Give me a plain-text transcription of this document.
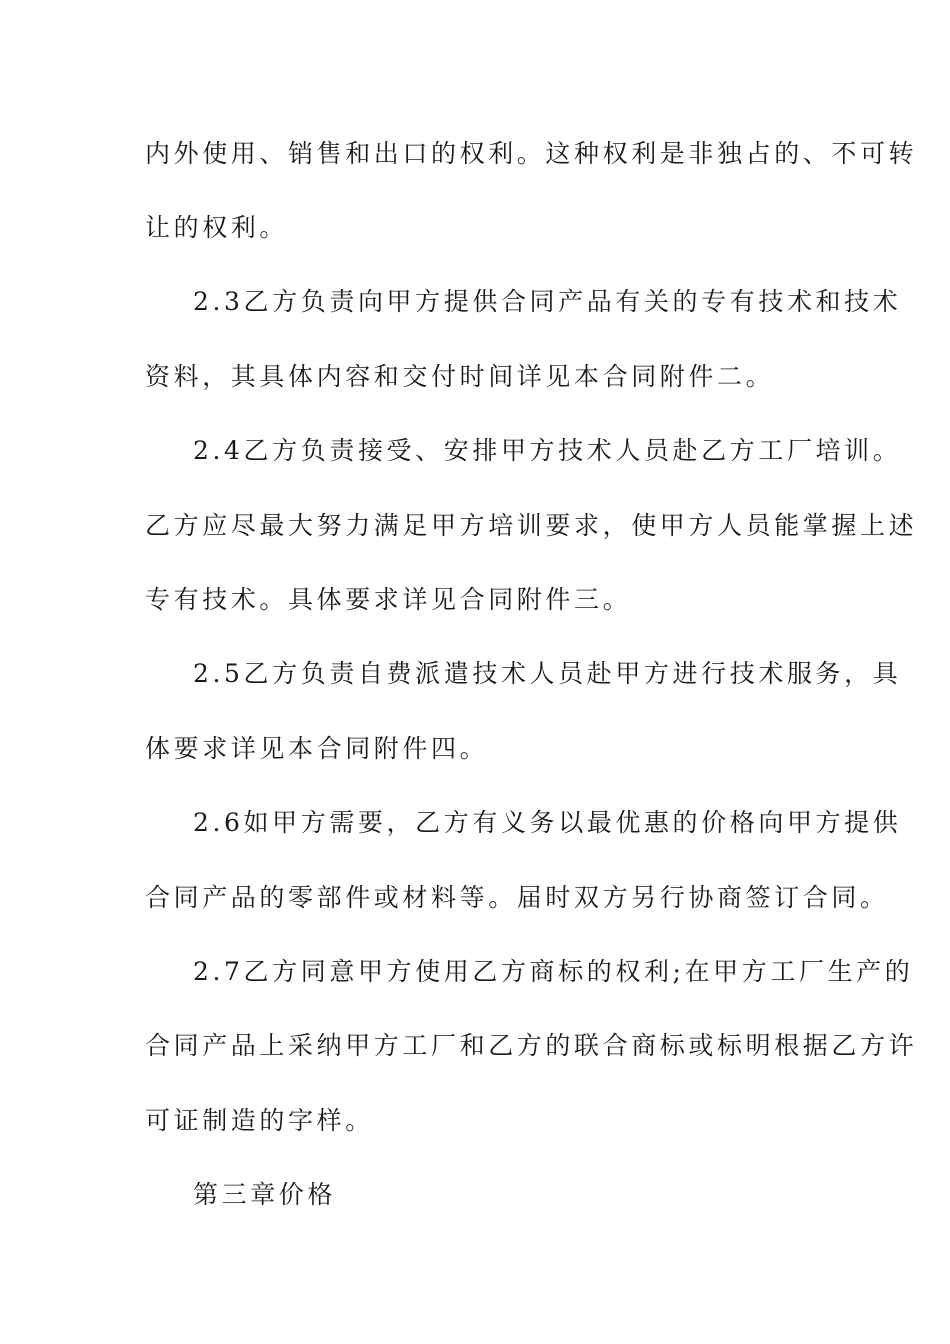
内外使用、销售和出口的权利。这种权利是非独占的、不可转
让的权利。
2.3乙方负责向甲方提供合同产品有关的专有技术和技术
资料，其具体内容和交付时间详见本合同附件二。
2.4乙方负责接受、安排甲方技术人员赴乙方工厂培训。
乙方应尽最大努力满足甲方培训要求，使甲方人员能掌握上述
专有技术。具体要求详见合同附件三。
2.5乙方负责自费派遣技术人员赴甲方进行技术服务，具
体要求详见本合同附件四。
2.6如甲方需要，乙方有义务以最优惠的价格向甲方提供
合同产品的零部件或材料等。届时双方另行协商签订合同。
2.7乙方同意甲方使用乙方商标的权利;在甲方工厂生产的
合同产品上采纳甲方工厂和乙方的联合商标或标明根据乙方许
可证制造的字样。
第三章价格
